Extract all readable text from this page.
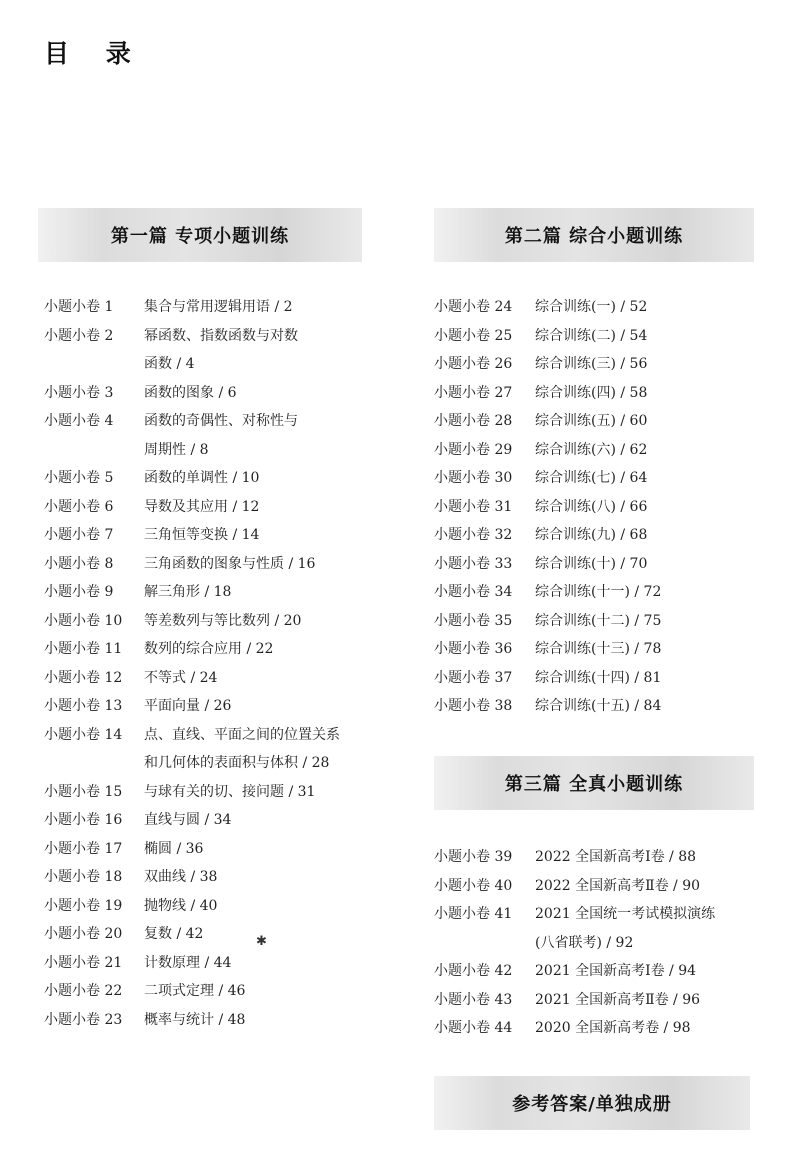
目 录
第一篇 专项小题训练
小题小卷 1	集合与常用逻辑用语 / 2
小题小卷 2	幂函数、指数函数与对数
函数 / 4
小题小卷 3	函数的图象 / 6
小题小卷 4	函数的奇偶性、对称性与
周期性 / 8
小题小卷 5	函数的单调性 / 10
小题小卷 6	导数及其应用 / 12
小题小卷 7	三角恒等变换 / 14
小题小卷 8	三角函数的图象与性质 / 16
小题小卷 9	解三角形 / 18
小题小卷 10	等差数列与等比数列 / 20
小题小卷 11	数列的综合应用 / 22
小题小卷 12	不等式 / 24
小题小卷 13	平面向量 / 26
小题小卷 14	点、直线、平面之间的位置关系
和几何体的表面积与体积 / 28
小题小卷 15	与球有关的切、接问题 / 31
小题小卷 16	直线与圆 / 34
小题小卷 17	椭圆 / 36
小题小卷 18	双曲线 / 38
小题小卷 19	抛物线 / 40
小题小卷 20	复数 / 42
小题小卷 21	计数原理 / 44
小题小卷 22	二项式定理 / 46
小题小卷 23	概率与统计 / 48
第二篇 综合小题训练
小题小卷 24	综合训练(一) / 52
小题小卷 25	综合训练(二) / 54
小题小卷 26	综合训练(三) / 56
小题小卷 27	综合训练(四) / 58
小题小卷 28	综合训练(五) / 60
小题小卷 29	综合训练(六) / 62
小题小卷 30	综合训练(七) / 64
小题小卷 31	综合训练(八) / 66
小题小卷 32	综合训练(九) / 68
小题小卷 33	综合训练(十) / 70
小题小卷 34	综合训练(十一) / 72
小题小卷 35	综合训练(十二) / 75
小题小卷 36	综合训练(十三) / 78
小题小卷 37	综合训练(十四) / 81
小题小卷 38	综合训练(十五) / 84
第三篇 全真小题训练
小题小卷 39	2022 全国新高考Ⅰ卷 / 88
小题小卷 40	2022 全国新高考Ⅱ卷 / 90
小题小卷 41	2021 全国统一考试模拟演练
(八省联考) / 92
小题小卷 42	2021 全国新高考Ⅰ卷 / 94
小题小卷 43	2021 全国新高考Ⅱ卷 / 96
小题小卷 44	2020 全国新高考卷 / 98
参考答案/单独成册
✱
